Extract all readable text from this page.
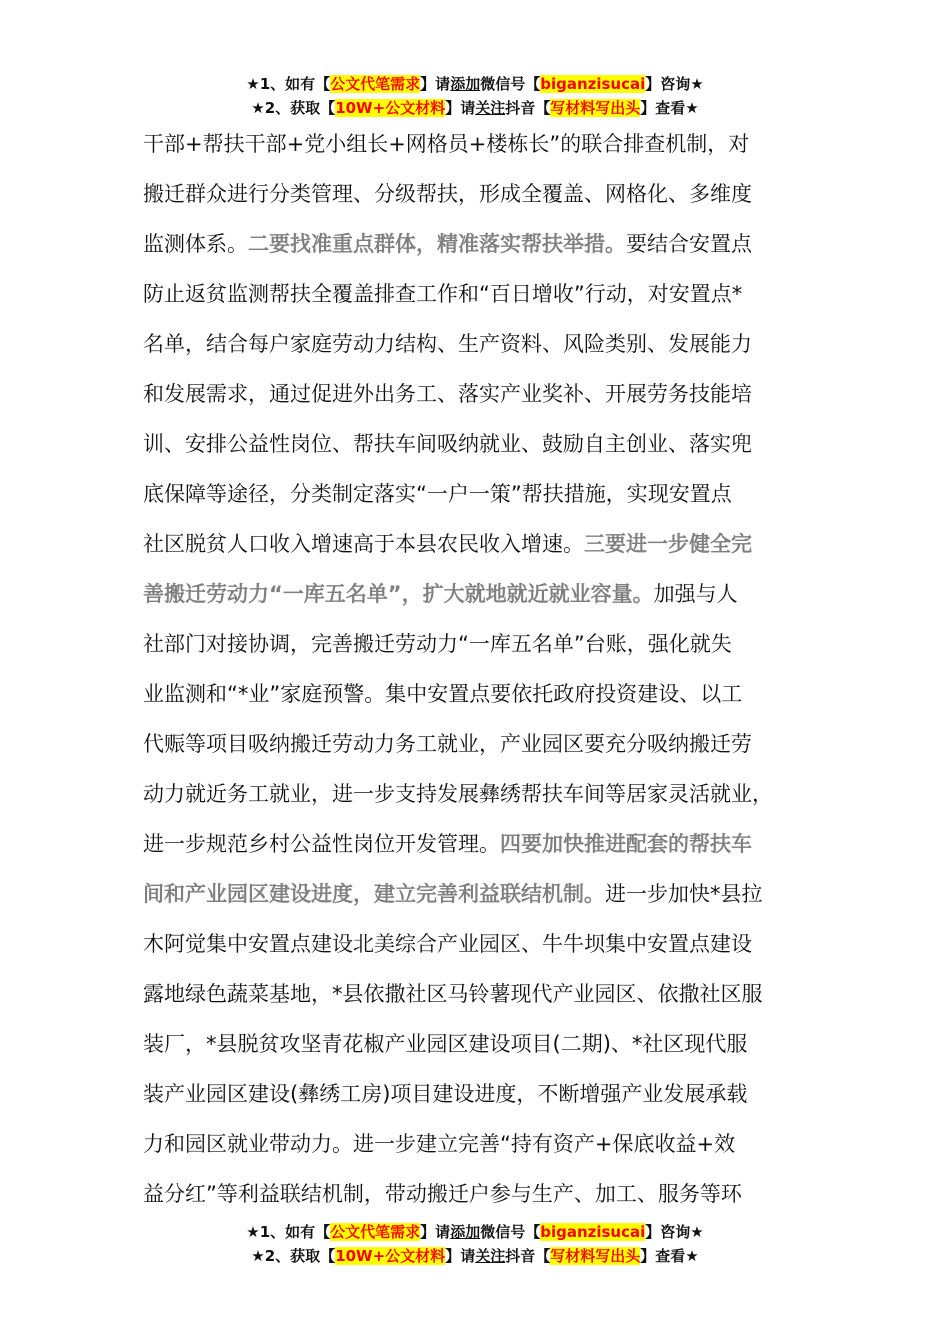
★1、如有【公文代笔需求】请添加微信号【biganzisucai】咨询★
★2、获取【10W+公文材料】请关注抖音【写材料写出头】查看★
干部+帮扶干部+党小组长+网格员+楼栋长”的联合排查机制，对
搬迁群众进行分类管理、分级帮扶，形成全覆盖、网格化、多维度
监测体系。二要找准重点群体，精准落实帮扶举措。要结合安置点
防止返贫监测帮扶全覆盖排查工作和“百日增收”行动，对安置点*
名单，结合每户家庭劳动力结构、生产资料、风险类别、发展能力
和发展需求，通过促进外出务工、落实产业奖补、开展劳务技能培
训、安排公益性岗位、帮扶车间吸纳就业、鼓励自主创业、落实兜
底保障等途径，分类制定落实“一户一策”帮扶措施，实现安置点
社区脱贫人口收入增速高于本县农民收入增速。三要进一步健全完
善搬迁劳动力“一库五名单”，扩大就地就近就业容量。加强与人
社部门对接协调，完善搬迁劳动力“一库五名单”台账，强化就失
业监测和“*业”家庭预警。集中安置点要依托政府投资建设、以工
代赈等项目吸纳搬迁劳动力务工就业，产业园区要充分吸纳搬迁劳
动力就近务工就业，进一步支持发展彝绣帮扶车间等居家灵活就业，
进一步规范乡村公益性岗位开发管理。四要加快推进配套的帮扶车
间和产业园区建设进度，建立完善利益联结机制。进一步加快*县拉
木阿觉集中安置点建设北美综合产业园区、牛牛坝集中安置点建设
露地绿色蔬菜基地，*县依撒社区马铃薯现代产业园区、依撒社区服
装厂，*县脱贫攻坚青花椒产业园区建设项目(二期)、*社区现代服
装产业园区建设(彝绣工房)项目建设进度，不断增强产业发展承载
力和园区就业带动力。进一步建立完善“持有资产+保底收益+效
益分红”等利益联结机制，带动搬迁户参与生产、加工、服务等环
★1、如有【公文代笔需求】请添加微信号【biganzisucai】咨询★
★2、获取【10W+公文材料】请关注抖音【写材料写出头】查看★
